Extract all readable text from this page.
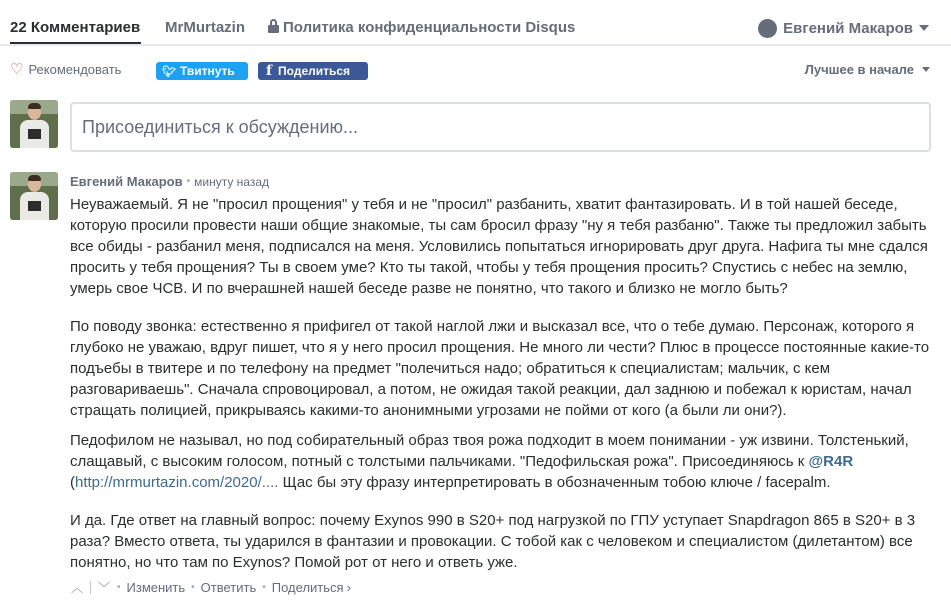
22 Комментариев MrMurtazin	Политика конфиденциальности Disqus	Евгений Макаров
♡ Рекомендовать	🐦︎ Твитнуть f Поделиться	Лучшее в начале
Присоединиться к обсуждению...
Евгений Макаров • минуту назад

Неуважаемый. Я не "просил прощения" у тебя и не "просил" разбанить, хватит фантазировать. И в той нашей беседе,
которую просили провести наши общие знакомые, ты сам бросил фразу "ну я тебя разбаню". Также ты предложил забыть
все обиды - разбанил меня, подписался на меня. Условились попытаться игнорировать друг друга. Нафига ты мне сдался
просить у тебя прощения? Ты в своем уме? Кто ты такой, чтобы у тебя прощения просить? Спустись с небес на землю,
умерь свое ЧСВ. И по вчерашней нашей беседе разве не понятно, что такого и близко не могло быть?

По поводу звонка: естественно я прифигел от такой наглой лжи и высказал все, что о тебе думаю. Персонаж, которого я
глубоко не уважаю, вдруг пишет, что я у него просил прощения. Не много ли чести? Плюс в процессе постоянные какие-то
подъебы в твитере и по телефону на предмет "полечиться надо; обратиться к специалистам; мальчик, с кем
разговариваешь". Сначала спровоцировал, а потом, не ожидая такой реакции, дал заднюю и побежал к юристам, начал
стращать полицией, прикрываясь какими-то анонимными угрозами не пойми от кого (а были ли они?).

Педофилом не называл, но под собирательный образ твоя рожа подходит в моем понимании - уж извини. Толстенький,
слащавый, с высоким голосом, потный с толстыми пальчиками. "Педофильская рожа". Присоединяюсь к @R4R
(http://mrmurtazin.com/2020/.... Щас бы эту фразу интерпретировать в обозначенным тобою ключе / facepalm.

И да. Где ответ на главный вопрос: почему Exynos 990 в S20+ под нагрузкой по ГПУ уступает Snapdragon 865 в S20+ в 3
раза? Вместо ответа, ты ударился в фантазии и провокации. С тобой как с человеком и специалистом (дилетантом) все
понятно, но что там по Exynos? Помой рот от него и ответь уже.

︿ ﹀ • Изменить • Ответить • Поделиться ›
